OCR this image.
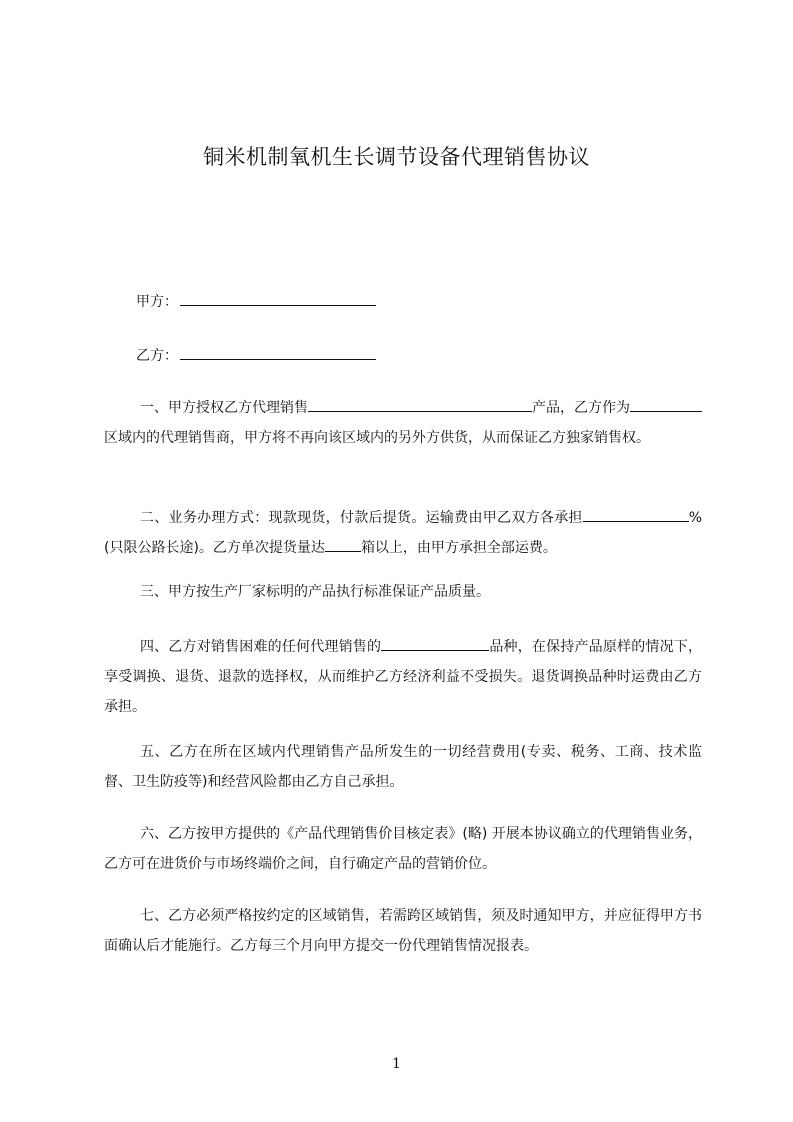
铜米机制氧机生长调节设备代理销售协议
甲方：
乙方：
一、甲方授权乙方代理销售	产品，乙方作为区域内的代理销售商，甲方将不再向该区域内的另外方供货，从而保证乙方独家销售权。
二、业务办理方式：现款现货，付款后提货。运输费由甲乙双方各承担	%(只限公路长途)。乙方单次提货量达	箱以上，由甲方承担全部运费。
三、甲方按生产厂家标明的产品执行标准保证产品质量。
四、乙方对销售困难的任何代理销售的	品种，在保持产品原样的情况下，享受调换、退货、退款的选择权，从而维护乙方经济利益不受损失。退货调换品种时运费由乙方承担。
五、乙方在所在区域内代理销售产品所发生的一切经营费用(专卖、税务、工商、技术监督、卫生防疫等)和经营风险都由乙方自己承担。
六、乙方按甲方提供的《产品代理销售价目核定表》(略) 开展本协议确立的代理销售业务，乙方可在进货价与市场终端价之间，自行确定产品的营销价位。
七、乙方必须严格按约定的区域销售，若需跨区域销售，须及时通知甲方，并应征得甲方书面确认后才能施行。乙方每三个月向甲方提交一份代理销售情况报表。
1
